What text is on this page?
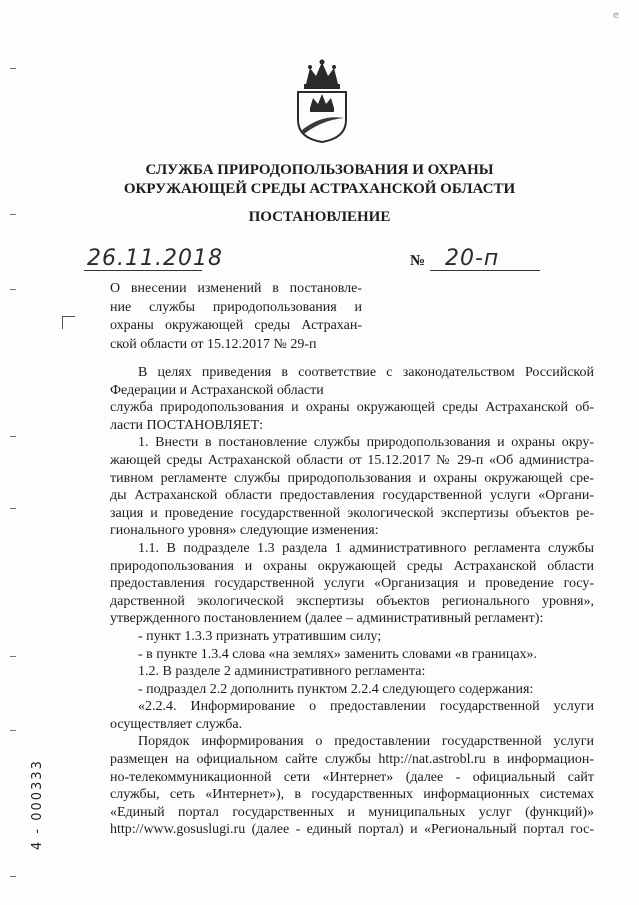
е
СЛУЖБА ПРИРОДОПОЛЬЗОВАНИЯ И ОХРАНЫ
ОКРУЖАЮЩЕЙ СРЕДЫ АСТРАХАНСКОЙ ОБЛАСТИ
ПОСТАНОВЛЕНИЕ
26.11.2018	№ 20-п
О внесении изменений в постановле-
ние службы природопользования и
охраны окружающей среды Астрахан-
ской области от 15.12.2017 № 29-п
В целях приведения в соответствие с законодательством Российской
Федерации и Астраханской области
служба природопользования и охраны окружающей среды Астраханской об-
ласти ПОСТАНОВЛЯЕТ:
1. Внести в постановление службы природопользования и охраны окру-
жающей среды Астраханской области от 15.12.2017 № 29-п «Об администра-
тивном регламенте службы природопользования и охраны окружающей сре-
ды Астраханской области предоставления государственной услуги «Органи-
зация и проведение государственной экологической экспертизы объектов ре-
гионального уровня» следующие изменения:
1.1. В подразделе 1.3 раздела 1 административного регламента службы
природопользования и охраны окружающей среды Астраханской области
предоставления государственной услуги «Организация и проведение госу-
дарственной экологической экспертизы объектов регионального уровня»,
утвержденного постановлением (далее – административный регламент):
- пункт 1.3.3 признать утратившим силу;
- в пункте 1.3.4 слова «на землях» заменить словами «в границах».
1.2. В разделе 2 административного регламента:
- подраздел 2.2 дополнить пунктом 2.2.4 следующего содержания:
«2.2.4. Информирование о предоставлении государственной услуги
осуществляет служба.
Порядок информирования о предоставлении государственной услуги
размещен на официальном сайте службы http://nat.astrobl.ru в информацион-
но-телекоммуникационной сети «Интернет» (далее - официальный сайт
службы, сеть «Интернет»), в государственных информационных системах
«Единый портал государственных и муниципальных услуг (функций)»
http://www.gosuslugi.ru (далее - единый портал) и «Региональный портал гос-
4 - 000333
